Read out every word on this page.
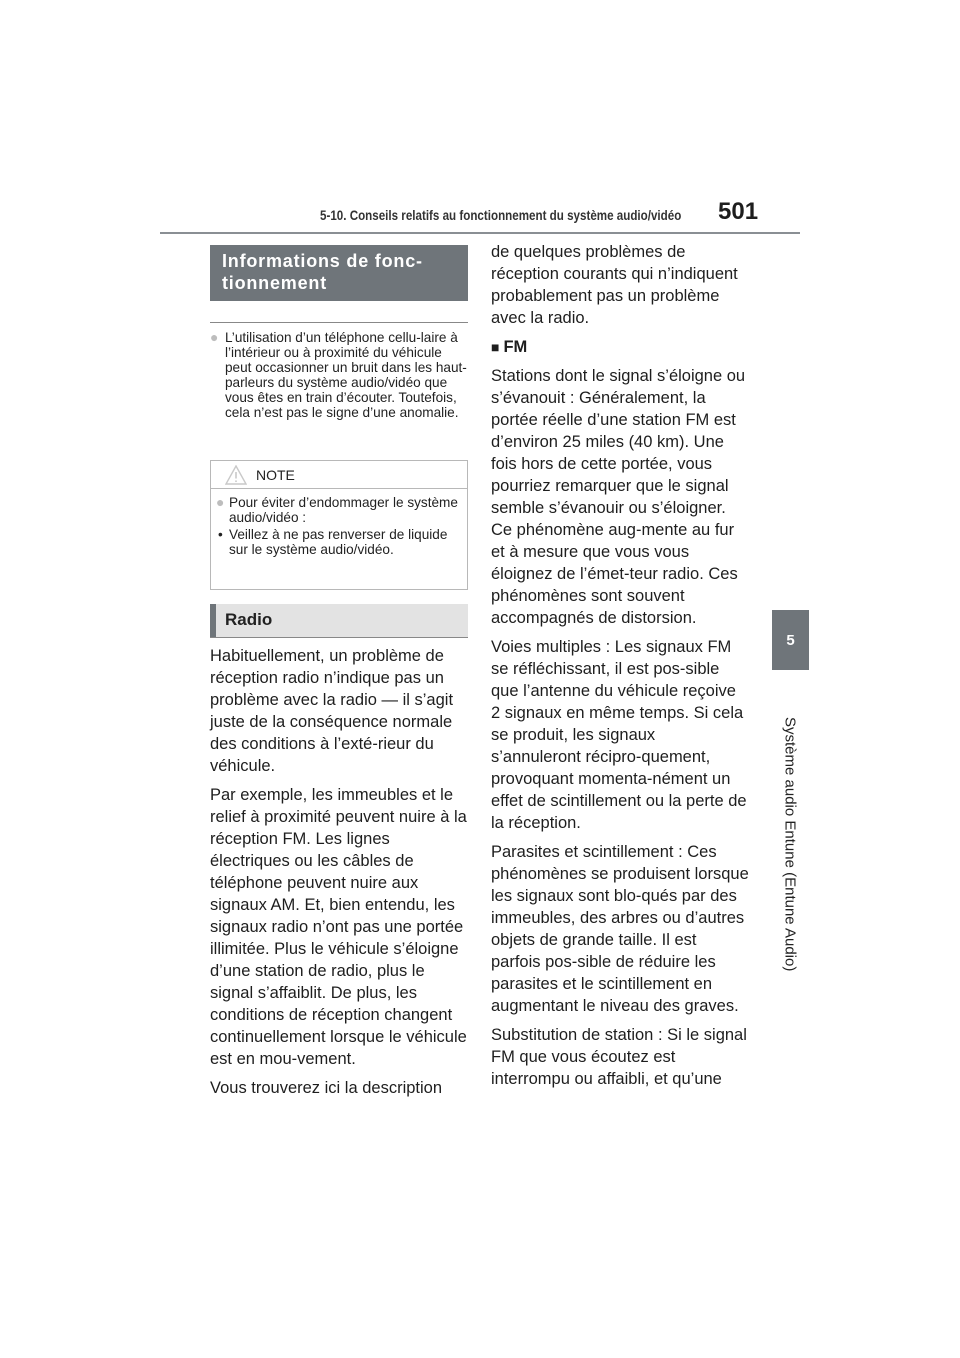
5-10. Conseils relatifs au fonctionnement du système audio/vidéo 501
5
Système audio Entune (Entune Audio)
Informations de fonc-
tionnement
● L’utilisation d’un téléphone cellu-laire à l’intérieur ou à proximité du véhicule peut occasionner un bruit dans les haut-parleurs du système audio/vidéo que vous êtes en train d’écouter. Toutefois, cela n’est pas le signe d’une anomalie.
NOTE
● Pour éviter d’endommager le système audio/vidéo :
• Veillez à ne pas renverser de liquide sur le système audio/vidéo.
Radio

Habituellement, un problème de réception radio n’indique pas un problème avec la radio — il s’agit juste de la conséquence normale des conditions à l’exté-rieur du véhicule.

Par exemple, les immeubles et le relief à proximité peuvent nuire à la réception FM. Les lignes électriques ou les câbles de téléphone peuvent nuire aux signaux AM. Et, bien entendu, les signaux radio n’ont pas une portée illimitée. Plus le véhicule s’éloigne d’une station de radio, plus le signal s’affaiblit. De plus, les conditions de réception changent continuellement lorsque le véhicule est en mou-vement.

Vous trouverez ici la description

de quelques problèmes de réception courants qui n’indiquent probablement pas un problème avec la radio.

■ FM

Stations dont le signal s’éloigne ou s’évanouit : Généralement, la portée réelle d’une station FM est d’environ 25 miles (40 km). Une fois hors de cette portée, vous pourriez remarquer que le signal semble s’évanouir ou s’éloigner. Ce phénomène aug-mente au fur et à mesure que vous vous éloignez de l’émet-teur radio. Ces phénomènes sont souvent accompagnés de distorsion.

Voies multiples : Les signaux FM se réfléchissant, il est pos-sible que l’antenne du véhicule reçoive 2 signaux en même temps. Si cela se produit, les signaux s’annuleront récipro-quement, provoquant momenta-nément un effet de scintillement ou la perte de la réception.

Parasites et scintillement : Ces phénomènes se produisent lorsque les signaux sont blo-qués par des immeubles, des arbres ou d’autres objets de grande taille. Il est parfois pos-sible de réduire les parasites et le scintillement en augmentant le niveau des graves.

Substitution de station : Si le signal FM que vous écoutez est interrompu ou affaibli, et qu’une
